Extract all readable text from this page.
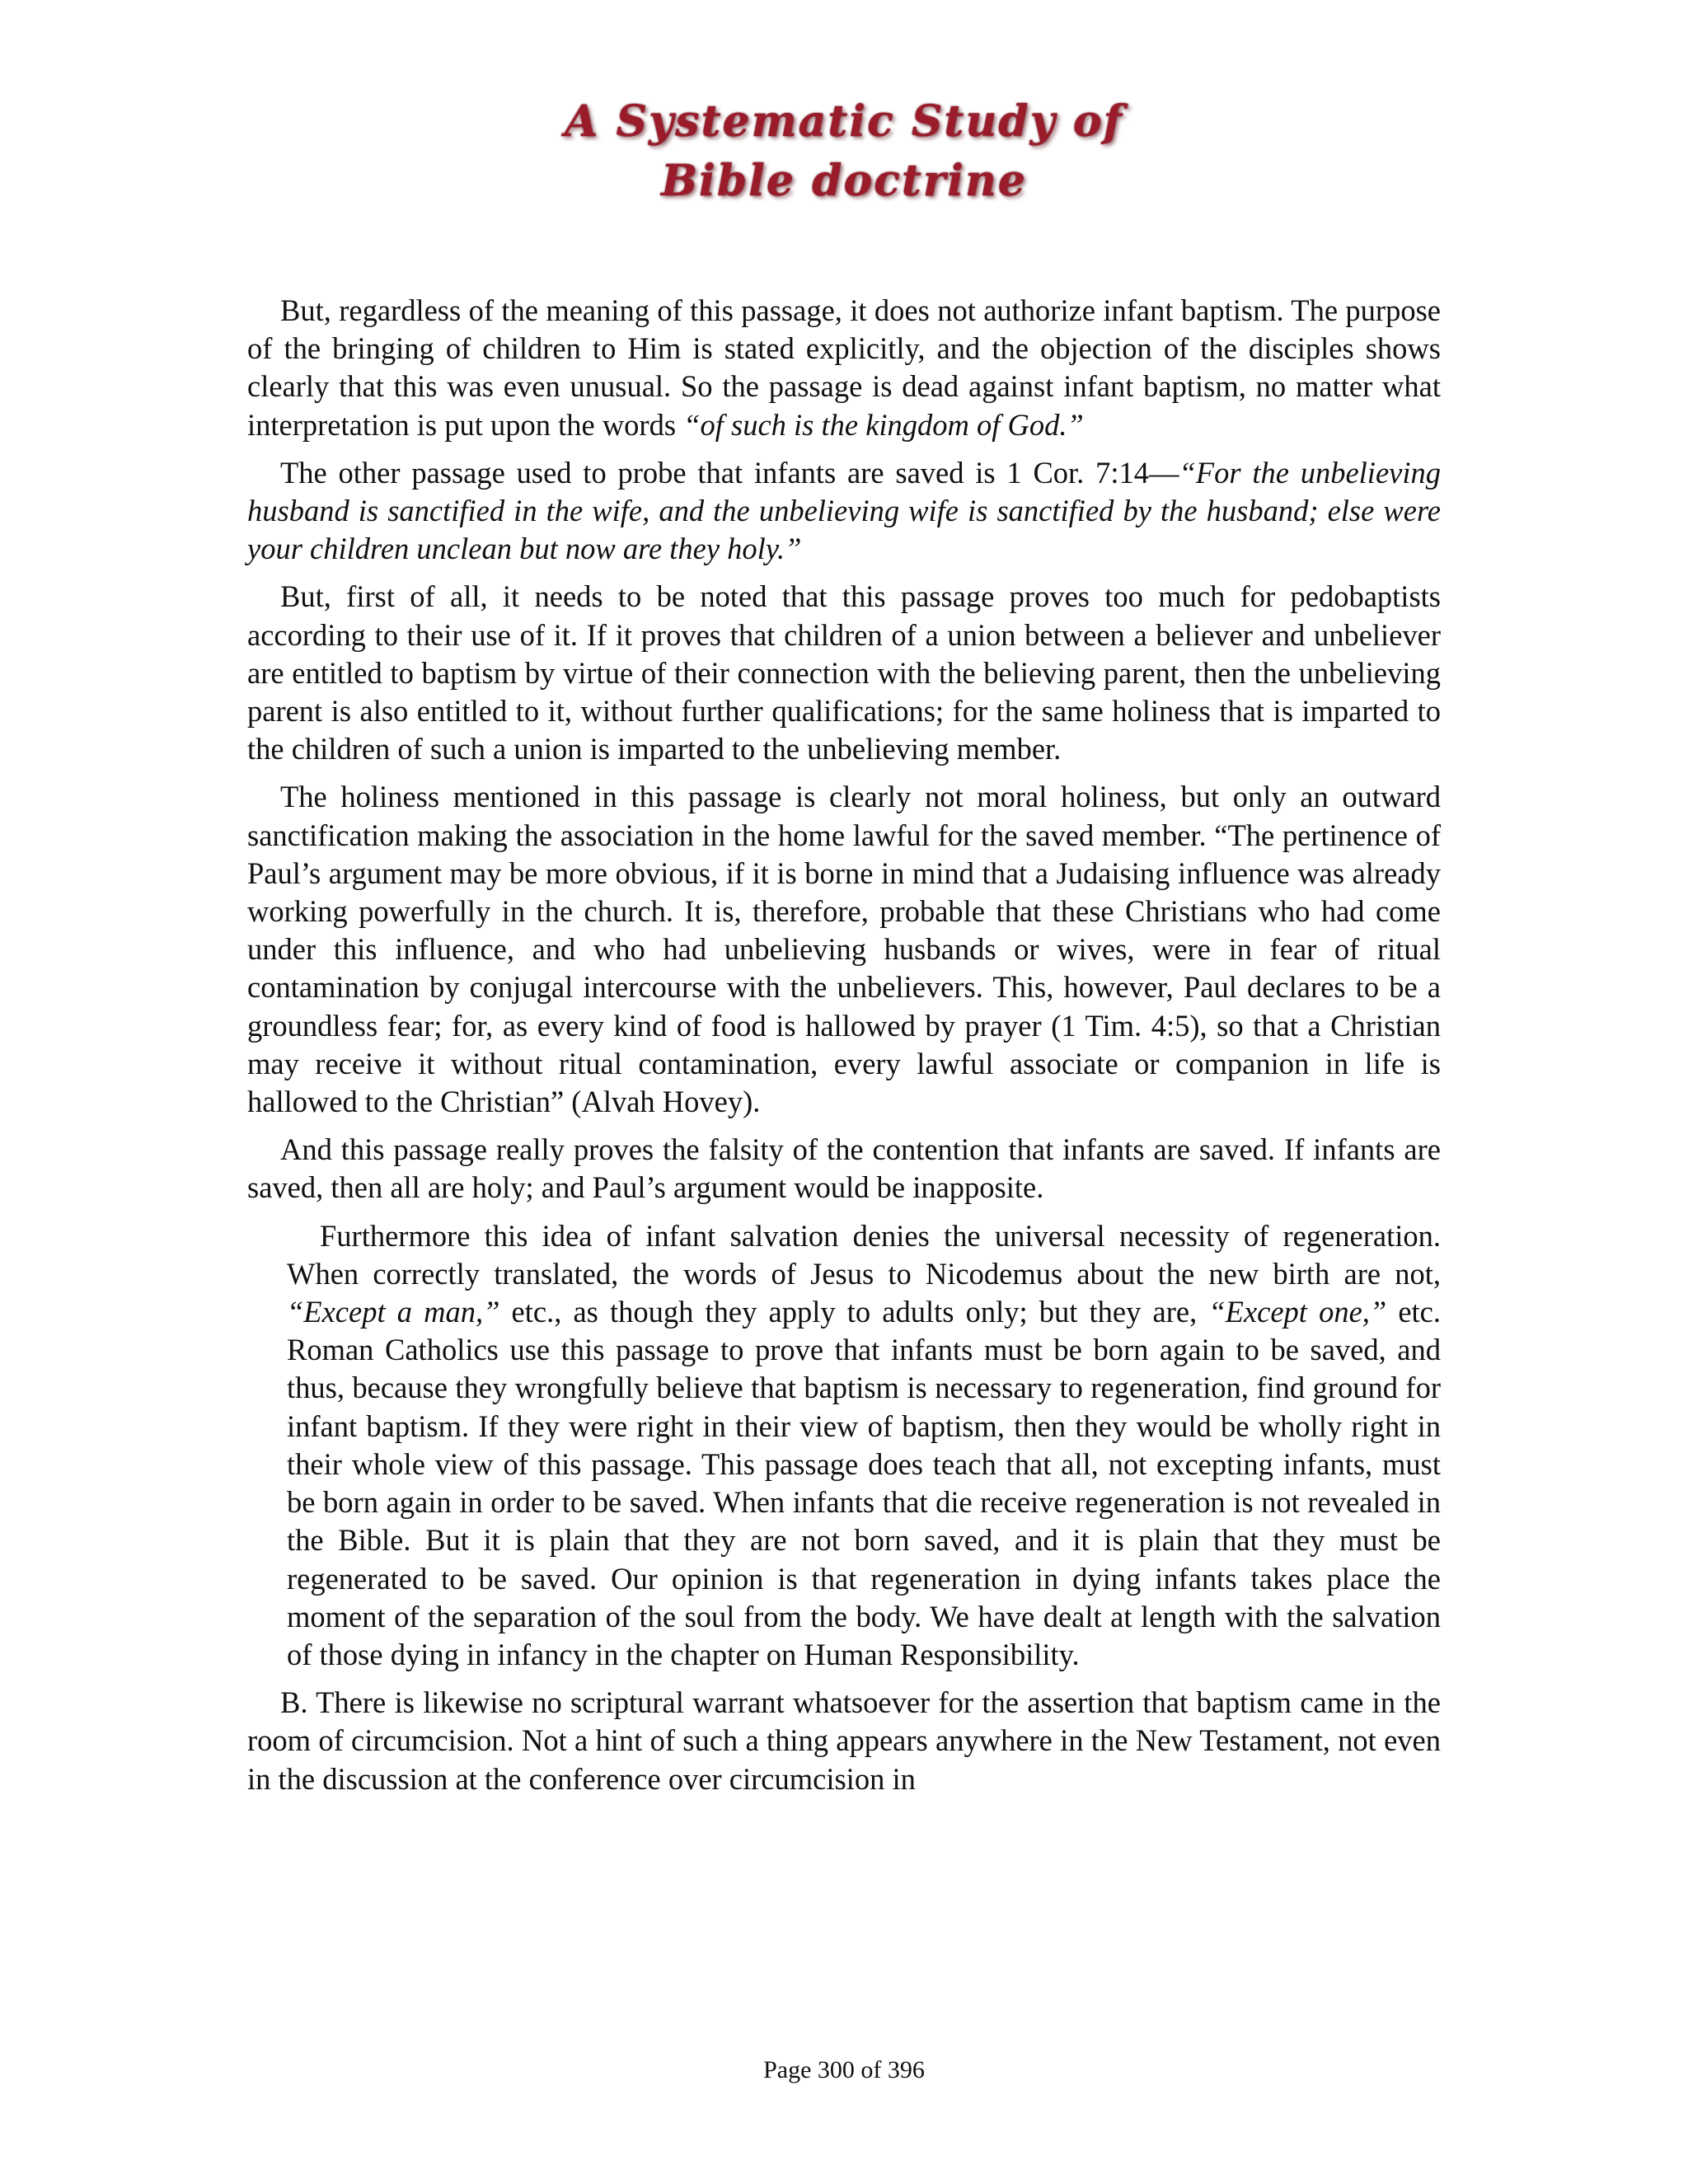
A Systematic Study of
Bible doctrine

But, regardless of the meaning of this passage, it does not authorize infant baptism. The purpose of the bringing of children to Him is stated explicitly, and the objection of the disciples shows clearly that this was even unusual. So the passage is dead against infant baptism, no matter what interpretation is put upon the words “of such is the kingdom of God.”

The other passage used to probe that infants are saved is 1 Cor. 7:14—“For the unbelieving husband is sanctified in the wife, and the unbelieving wife is sanctified by the husband; else were your children unclean but now are they holy.”

But, first of all, it needs to be noted that this passage proves too much for pedobaptists according to their use of it. If it proves that children of a union between a believer and unbeliever are entitled to baptism by virtue of their connection with the believing parent, then the unbelieving parent is also entitled to it, without further qualifications; for the same holiness that is imparted to the children of such a union is imparted to the unbelieving member.

The holiness mentioned in this passage is clearly not moral holiness, but only an outward sanctification making the association in the home lawful for the saved member. “The pertinence of Paul’s argument may be more obvious, if it is borne in mind that a Judaising influence was already working powerfully in the church. It is, therefore, probable that these Christians who had come under this influence, and who had unbelieving husbands or wives, were in fear of ritual contamination by conjugal intercourse with the unbelievers. This, however, Paul declares to be a groundless fear; for, as every kind of food is hallowed by prayer (1 Tim. 4:5), so that a Christian may receive it without ritual contamination, every lawful associate or companion in life is hallowed to the Christian” (Alvah Hovey).

And this passage really proves the falsity of the contention that infants are saved. If infants are saved, then all are holy; and Paul’s argument would be inapposite.

Furthermore this idea of infant salvation denies the universal necessity of regeneration. When correctly translated, the words of Jesus to Nicodemus about the new birth are not, “Except a man,” etc., as though they apply to adults only; but they are, “Except one,” etc. Roman Catholics use this passage to prove that infants must be born again to be saved, and thus, because they wrongfully believe that baptism is necessary to regeneration, find ground for infant baptism. If they were right in their view of baptism, then they would be wholly right in their whole view of this passage. This passage does teach that all, not excepting infants, must be born again in order to be saved. When infants that die receive regeneration is not revealed in the Bible. But it is plain that they are not born saved, and it is plain that they must be regenerated to be saved. Our opinion is that regeneration in dying infants takes place the moment of the separation of the soul from the body. We have dealt at length with the salvation of those dying in infancy in the chapter on Human Responsibility.

B. There is likewise no scriptural warrant whatsoever for the assertion that baptism came in the room of circumcision. Not a hint of such a thing appears anywhere in the New Testament, not even in the discussion at the conference over circumcision in

Page 300 of 396
